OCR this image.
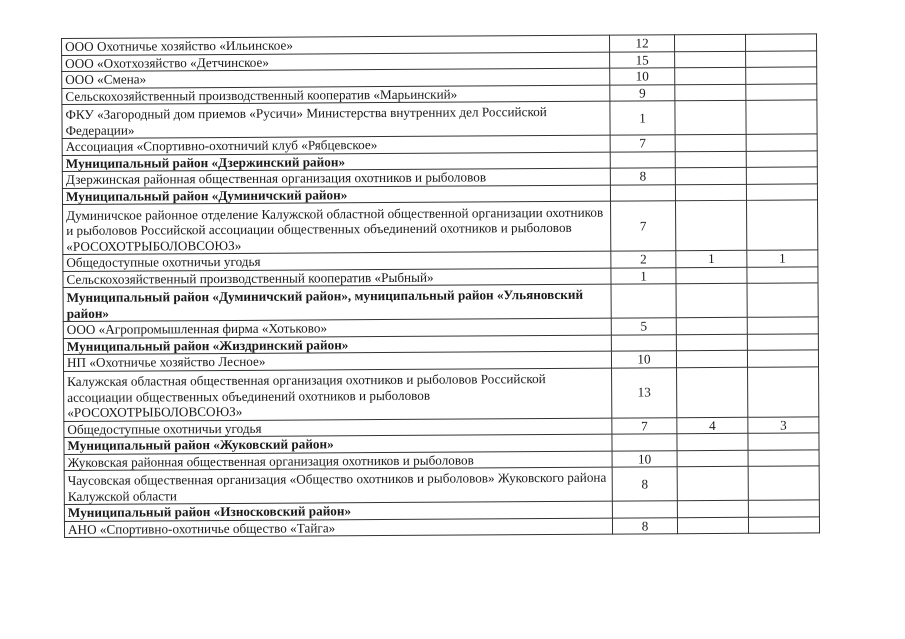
ООО Охотничье хозяйство «Ильинское»	12		
ООО «Охотхозяйство «Детчинское»	15		
ООО «Смена»	10		
Сельскохозяйственный производственный кооператив «Марьинский»	9		
ФКУ «Загородный дом приемов «Русичи» Министерства внутренних дел Российской Федерации»	1		
Ассоциация «Спортивно-охотничий клуб «Рябцевское»	7		
Муниципальный район «Дзержинский район»			
Дзержинская районная общественная организация охотников и рыболовов	8		
Муниципальный район «Думиничский район»			
Думиничское районное отделение Калужской областной общественной организации охотников и рыболовов Российской ассоциации общественных объединений охотников и рыболовов «РОСОХОТРЫБОЛОВСОЮЗ»	7		
Общедоступные охотничьи угодья	2	1	1
Сельскохозяйственный производственный кооператив «Рыбный»	1		
Муниципальный район «Думиничский район», муниципальный район «Ульяновский район»			
ООО «Агропромышленная фирма «Хотьково»	5		
Муниципальный район «Жиздринский район»			
НП «Охотничье хозяйство Лесное»	10		
Калужская областная общественная организация охотников и рыболовов Российской ассоциации общественных объединений охотников и рыболовов «РОСОХОТРЫБОЛОВСОЮЗ»	13		
Общедоступные охотничьи угодья	7	4	3
Муниципальный район «Жуковский район»			
Жуковская районная общественная организация охотников и рыболовов	10		
Чаусовская общественная организация «Общество охотников и рыболовов» Жуковского района Калужской области	8		
Муниципальный район «Износковский район»			
АНО «Спортивно-охотничье общество «Тайга»	8		
